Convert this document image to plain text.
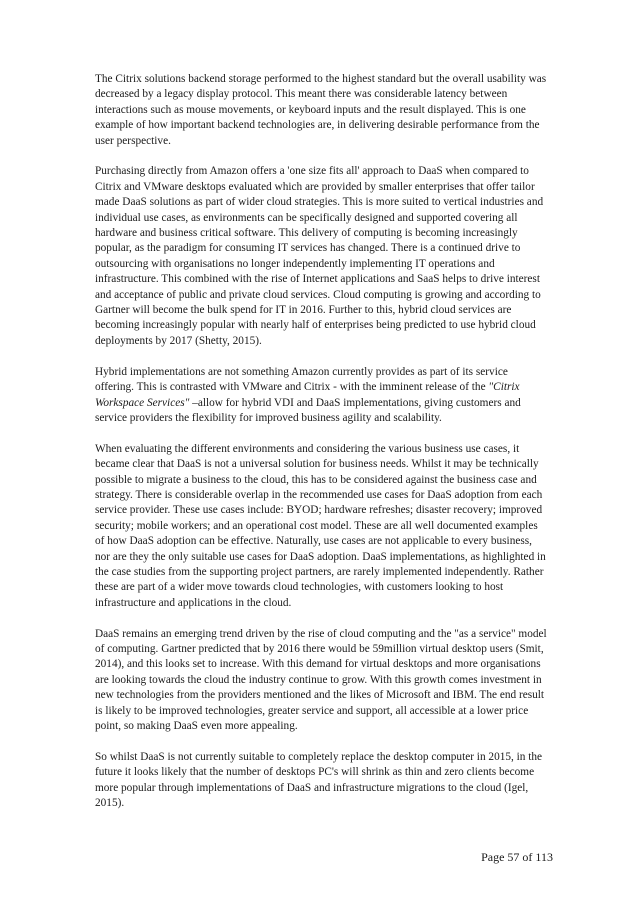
The Citrix solutions backend storage performed to the highest standard but the overall usability was decreased by a legacy display protocol. This meant there was considerable latency between interactions such as mouse movements, or keyboard inputs and the result displayed. This is one example of how important backend technologies are, in delivering desirable performance from the user perspective.

Purchasing directly from Amazon offers a 'one size fits all' approach to DaaS when compared to Citrix and VMware desktops evaluated which are provided by smaller enterprises that offer tailor made DaaS solutions as part of wider cloud strategies. This is more suited to vertical industries and individual use cases, as environments can be specifically designed and supported covering all hardware and business critical software. This delivery of computing is becoming increasingly popular, as the paradigm for consuming IT services has changed. There is a continued drive to outsourcing with organisations no longer independently implementing IT operations and infrastructure. This combined with the rise of Internet applications and SaaS helps to drive interest and acceptance of public and private cloud services. Cloud computing is growing and according to Gartner will become the bulk spend for IT in 2016. Further to this, hybrid cloud services are becoming increasingly popular with nearly half of enterprises being predicted to use hybrid cloud deployments by 2017 (Shetty, 2015).

Hybrid implementations are not something Amazon currently provides as part of its service offering. This is contrasted with VMware and Citrix - with the imminent release of the "Citrix Workspace Services" –allow for hybrid VDI and DaaS implementations, giving customers and service providers the flexibility for improved business agility and scalability.

When evaluating the different environments and considering the various business use cases, it became clear that DaaS is not a universal solution for business needs. Whilst it may be technically possible to migrate a business to the cloud, this has to be considered against the business case and strategy. There is considerable overlap in the recommended use cases for DaaS adoption from each service provider. These use cases include: BYOD; hardware refreshes; disaster recovery; improved security; mobile workers; and an operational cost model. These are all well documented examples of how DaaS adoption can be effective. Naturally, use cases are not applicable to every business, nor are they the only suitable use cases for DaaS adoption. DaaS implementations, as highlighted in the case studies from the supporting project partners, are rarely implemented independently. Rather these are part of a wider move towards cloud technologies, with customers looking to host infrastructure and applications in the cloud.

DaaS remains an emerging trend driven by the rise of cloud computing and the "as a service" model of computing. Gartner predicted that by 2016 there would be 59million virtual desktop users (Smit, 2014), and this looks set to increase. With this demand for virtual desktops and more organisations are looking towards the cloud the industry continue to grow. With this growth comes investment in new technologies from the providers mentioned and the likes of Microsoft and IBM. The end result is likely to be improved technologies, greater service and support, all accessible at a lower price point, so making DaaS even more appealing.

So whilst DaaS is not currently suitable to completely replace the desktop computer in 2015, in the future it looks likely that the number of desktops PC's will shrink as thin and zero clients become more popular through implementations of DaaS and infrastructure migrations to the cloud (Igel, 2015).

Page 57 of 113
